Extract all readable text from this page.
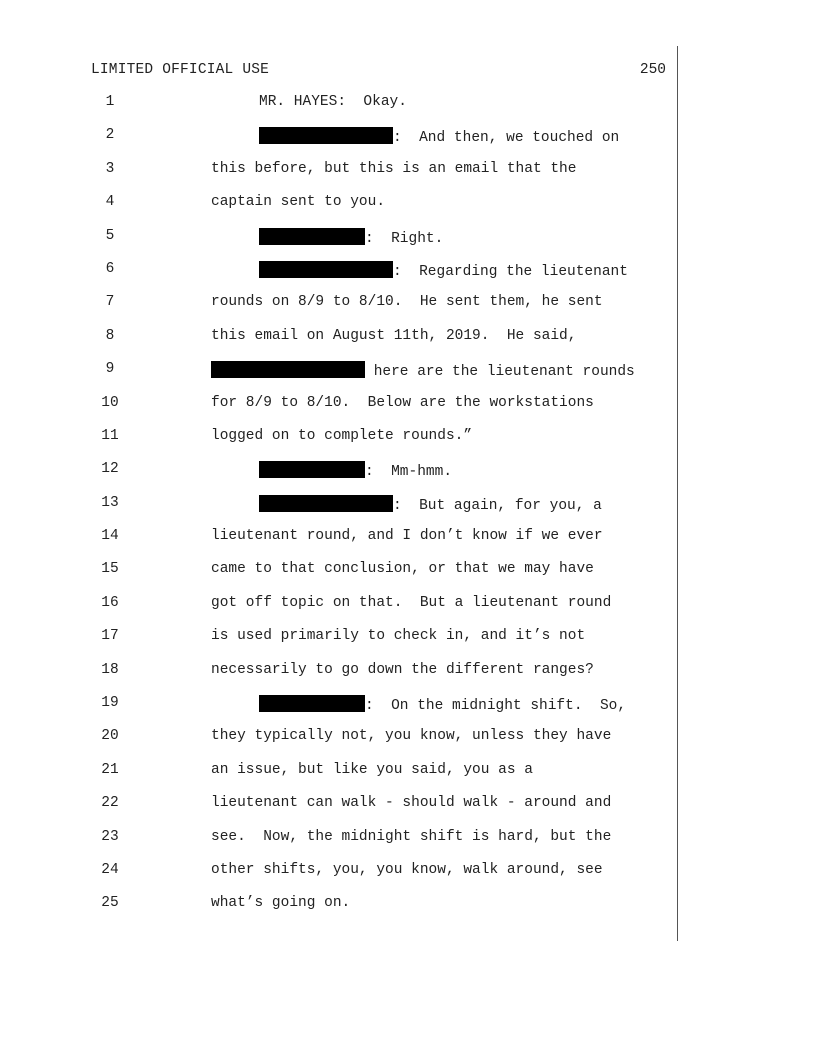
LIMITED OFFICIAL USE	250
1	MR. HAYES:  Okay.
2	:  And then, we touched on
3	this before, but this is an email that the
4	captain sent to you.
5	:  Right.
6	:  Regarding the lieutenant
7	rounds on 8/9 to 8/10.  He sent them, he sent
8	this email on August 11th, 2019.  He said,
9	here are the lieutenant rounds
10	for 8/9 to 8/10.  Below are the workstations
11	logged on to complete rounds.”
12	:  Mm-hmm.
13	:  But again, for you, a
14	lieutenant round, and I don’t know if we ever
15	came to that conclusion, or that we may have
16	got off topic on that.  But a lieutenant round
17	is used primarily to check in, and it’s not
18	necessarily to go down the different ranges?
19	:  On the midnight shift.  So,
20	they typically not, you know, unless they have
21	an issue, but like you said, you as a
22	lieutenant can walk - should walk - around and
23	see.  Now, the midnight shift is hard, but the
24	other shifts, you, you know, walk around, see
25	what’s going on.
